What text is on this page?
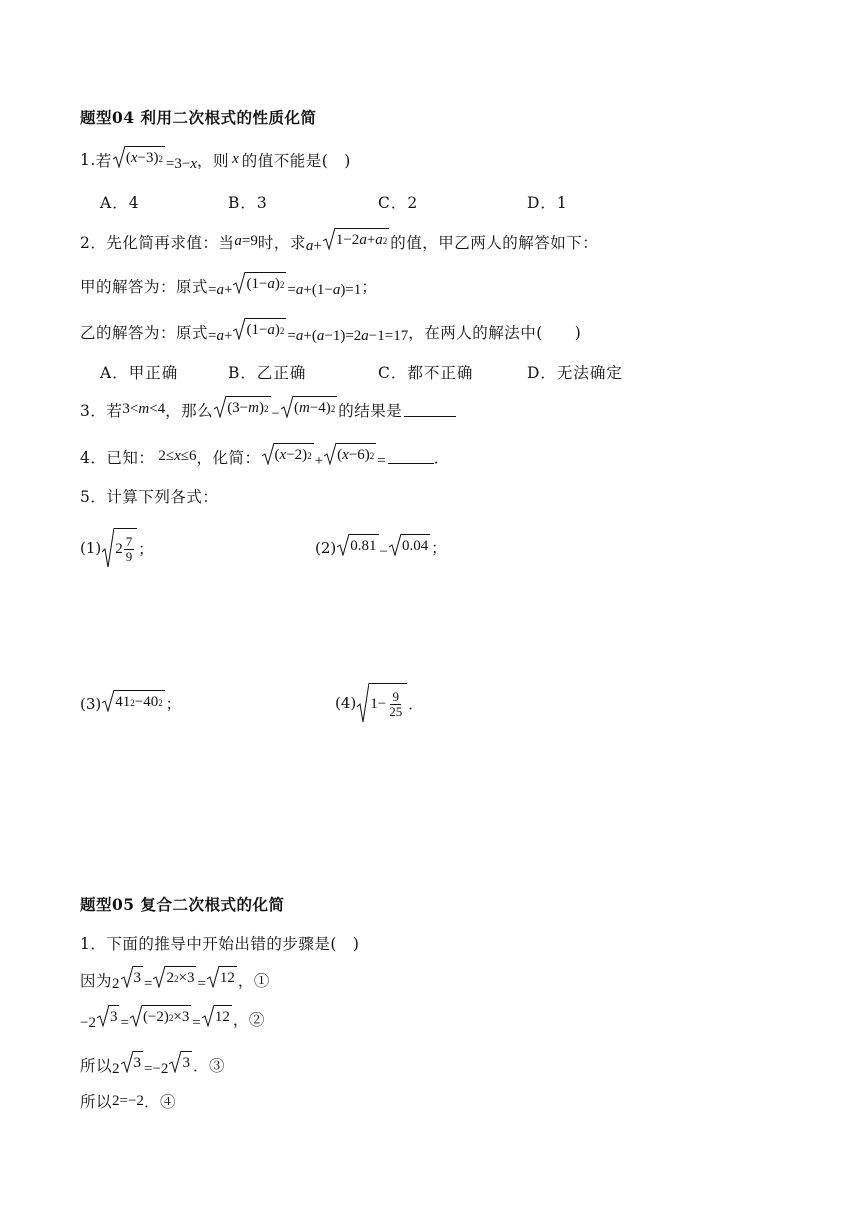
题型04 利用二次根式的性质化简
1. 若 ( x −3) 2 =3−x ，则 x 的值不能是(　)
A．4	B．3	C．2	D．1
2． 先化简再求值：当 a=9 时，求 a+ 1−2 a + a 2 的值，甲乙两人的解答如下：
甲的解答为：原式 =a+ (1− a ) 2 =a+(1−a)=1 ；
乙的解答为：原式 =a+ (1− a ) 2 =a+(a−1)=2a−1=17 ，在两人的解法中(　　)
A．甲正确	B．乙正确	C．都不正确	D．无法确定
3． 若 3<m<4 ，那么 (3− m ) 2 − ( m −4) 2 的结果是
4． 已知： 2≤x≤6 ，化简： ( x −2) 2 + ( x −6) 2 =	．
5． 计算下列各式：
(1) $2 \frac{7}{9}$ ；	(2) 0.81 − 0.04 ；
(3) 41 2 −40 2 ；	(4) $1- \frac{9}{25}$ ．
题型05 复合二次根式的化简
1． 下面的推导中开始出错的步骤是(　)
因为 2 3 = 2 2 ×3 = 12 ，①
−2 3 = (−2) 2 ×3 = 12 ，②
所以 2 3 =−2 3 ．③
所以 2=−2 ．④
